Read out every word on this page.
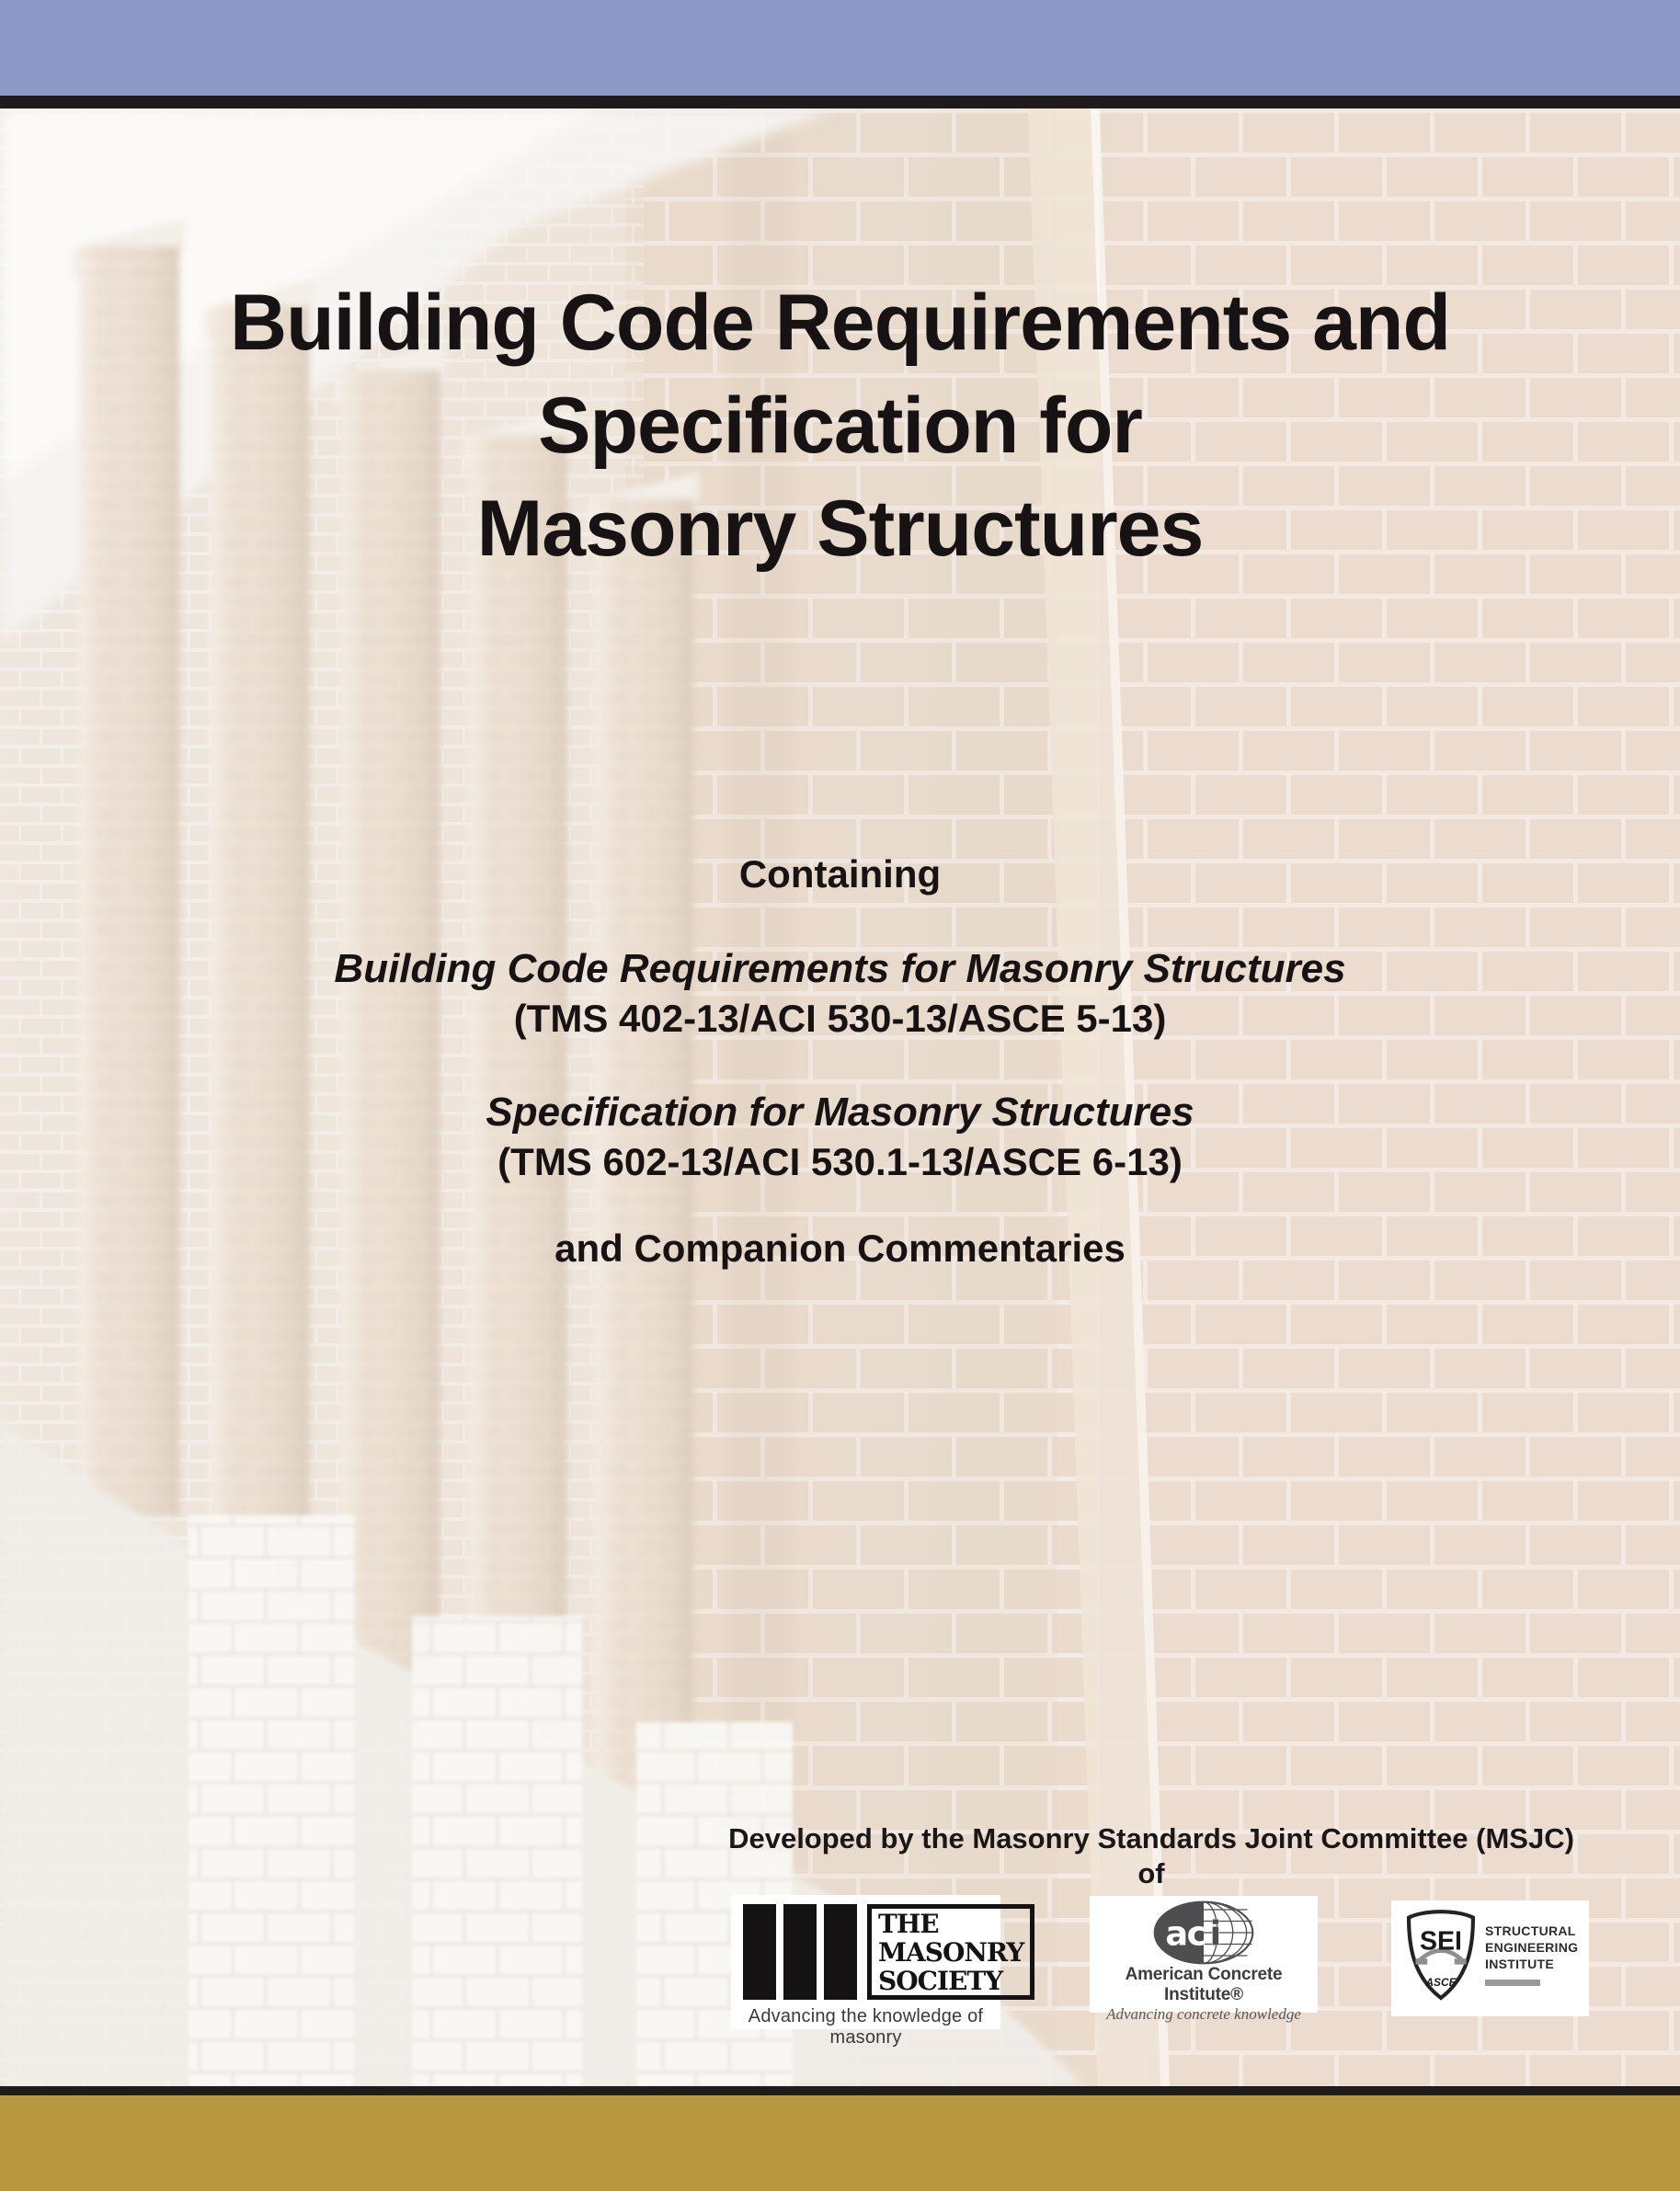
Building Code Requirements and
Specification for
Masonry Structures
Containing
Building Code Requirements for Masonry Structures
(TMS 402-13/ACI 530-13/ASCE 5-13)
Specification for Masonry Structures
(TMS 602-13/ACI 530.1-13/ASCE 6-13)
and Companion Commentaries
Developed by the Masonry Standards Joint Committee (MSJC) of
THE
MASONRY
SOCIETY
Advancing the knowledge of masonry
a
c i
American Concrete Institute®
Advancing concrete knowledge
SEI
ASCE
STRUCTURAL
ENGINEERING
INSTITUTE
